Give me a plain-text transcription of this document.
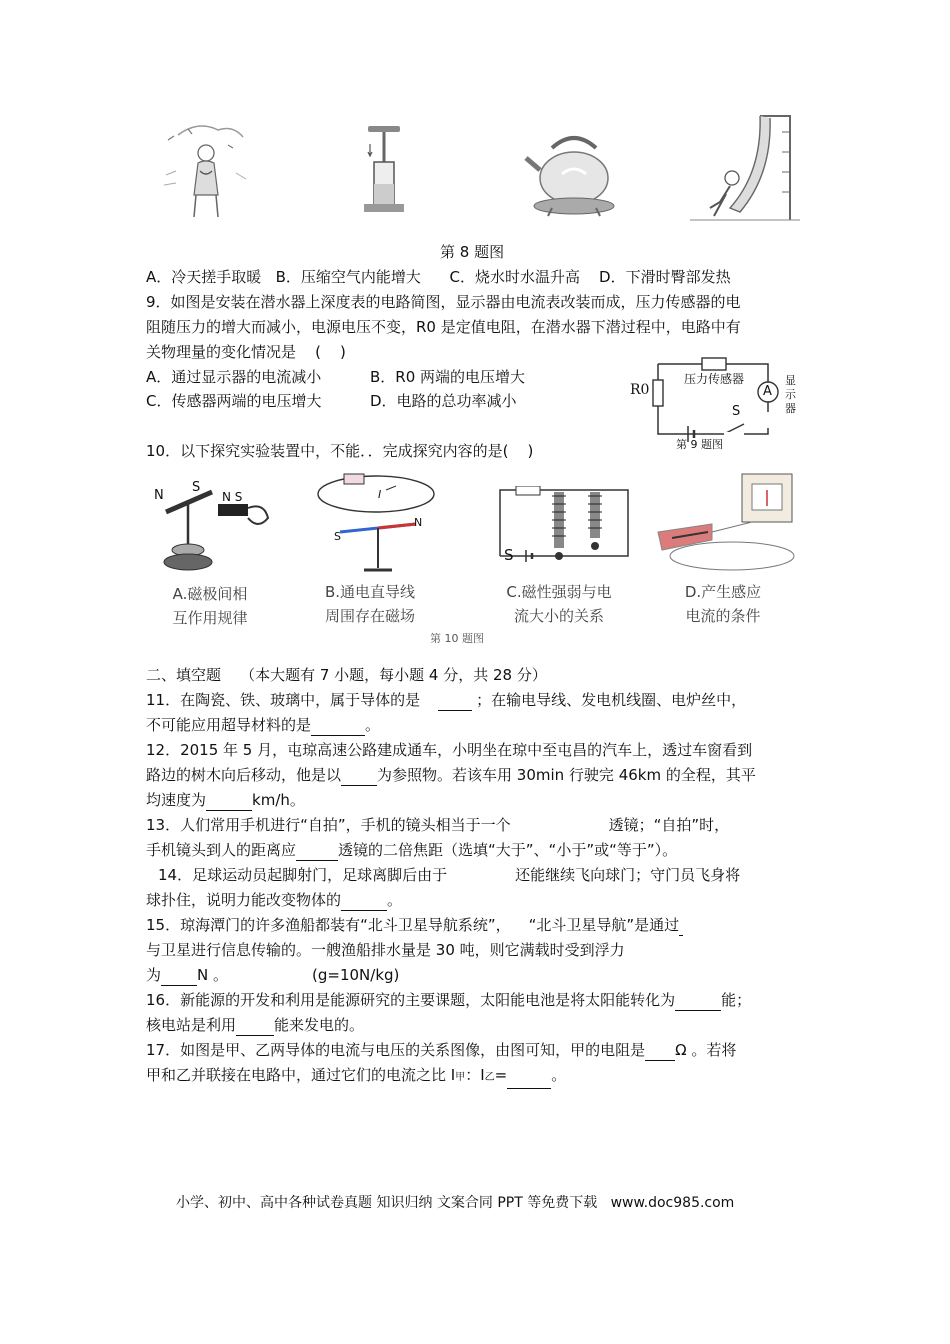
第 8 题图
A．冷天搓手取暖   B．压缩空气内能增大      C．烧水时水温升高    D．下滑时臀部发热
9．如图是安装在潜水器上深度表的电路简图，显示器由电流表改装而成，压力传感器的电
阻随压力的增大而减小，电源电压不变，R0 是定值电阻，在潜水器下潜过程中，电路中有
关物理量的变化情况是    (    )
A．通过显示器的电流减小	B．R0 两端的电压增大
C．传感器两端的电压增大	D．电路的总功率减小
R0
压力传感器
A
显
示
器
S
第 9 题图
10．以下探究实验装置中，不能．．完成探究内容的是(    )
N
S
N S	I
N
S
S
A.磁极间相
互作用规律
B.通电直导线
周围存在磁场
C.磁性强弱与电
流大小的关系
D.产生感应
电流的条件
第 10 题图
二、填空题    （本大题有 7 小题，每小题 4 分，共 28 分）
11．在陶瓷、铁、玻璃中，属于导体的是	；在输电导线、发电机线圈、电炉丝中，
不可能应用超导材料的是	。
12．2015 年 5 月，屯琼高速公路建成通车，小明坐在琼中至屯昌的汽车上，透过车窗看到
路边的树木向后移动，他是以 为参照物。若该车用 30min 行驶完 46km 的全程，其平
均速度为	km/h。
13．人们常用手机进行“自拍”，手机的镜头相当于一个	透镜；“自拍”时，
手机镜头到人的距离应	透镜的二倍焦距（选填“大于”、“小于”或“等于”）。
14．足球运动员起脚射门，足球离脚后由于	还能继续飞向球门；守门员飞身将
球扑住，说明力能改变物体的	。
15．琼海潭门的许多渔船都装有“北斗卫星导航系统”， “北斗卫星导航”是通过
与卫星进行信息传输的。一艘渔船排水量是 30 吨，则它满载时受到浮力
为 N 。	(g=10N/kg)
16．新能源的开发和利用是能源研究的主要课题，太阳能电池是将太阳能转化为	能；
核电站是利用	能来发电的。
17．如图是甲、乙两导体的电流与电压的关系图像，由图可知，甲的电阻是 Ω 。若将
甲和乙并联接在电路中，通过它们的电流之比 I甲：I乙=	。
小学、初中、高中各种试卷真题 知识归纳 文案合同 PPT 等免费下载   www.doc985.com
